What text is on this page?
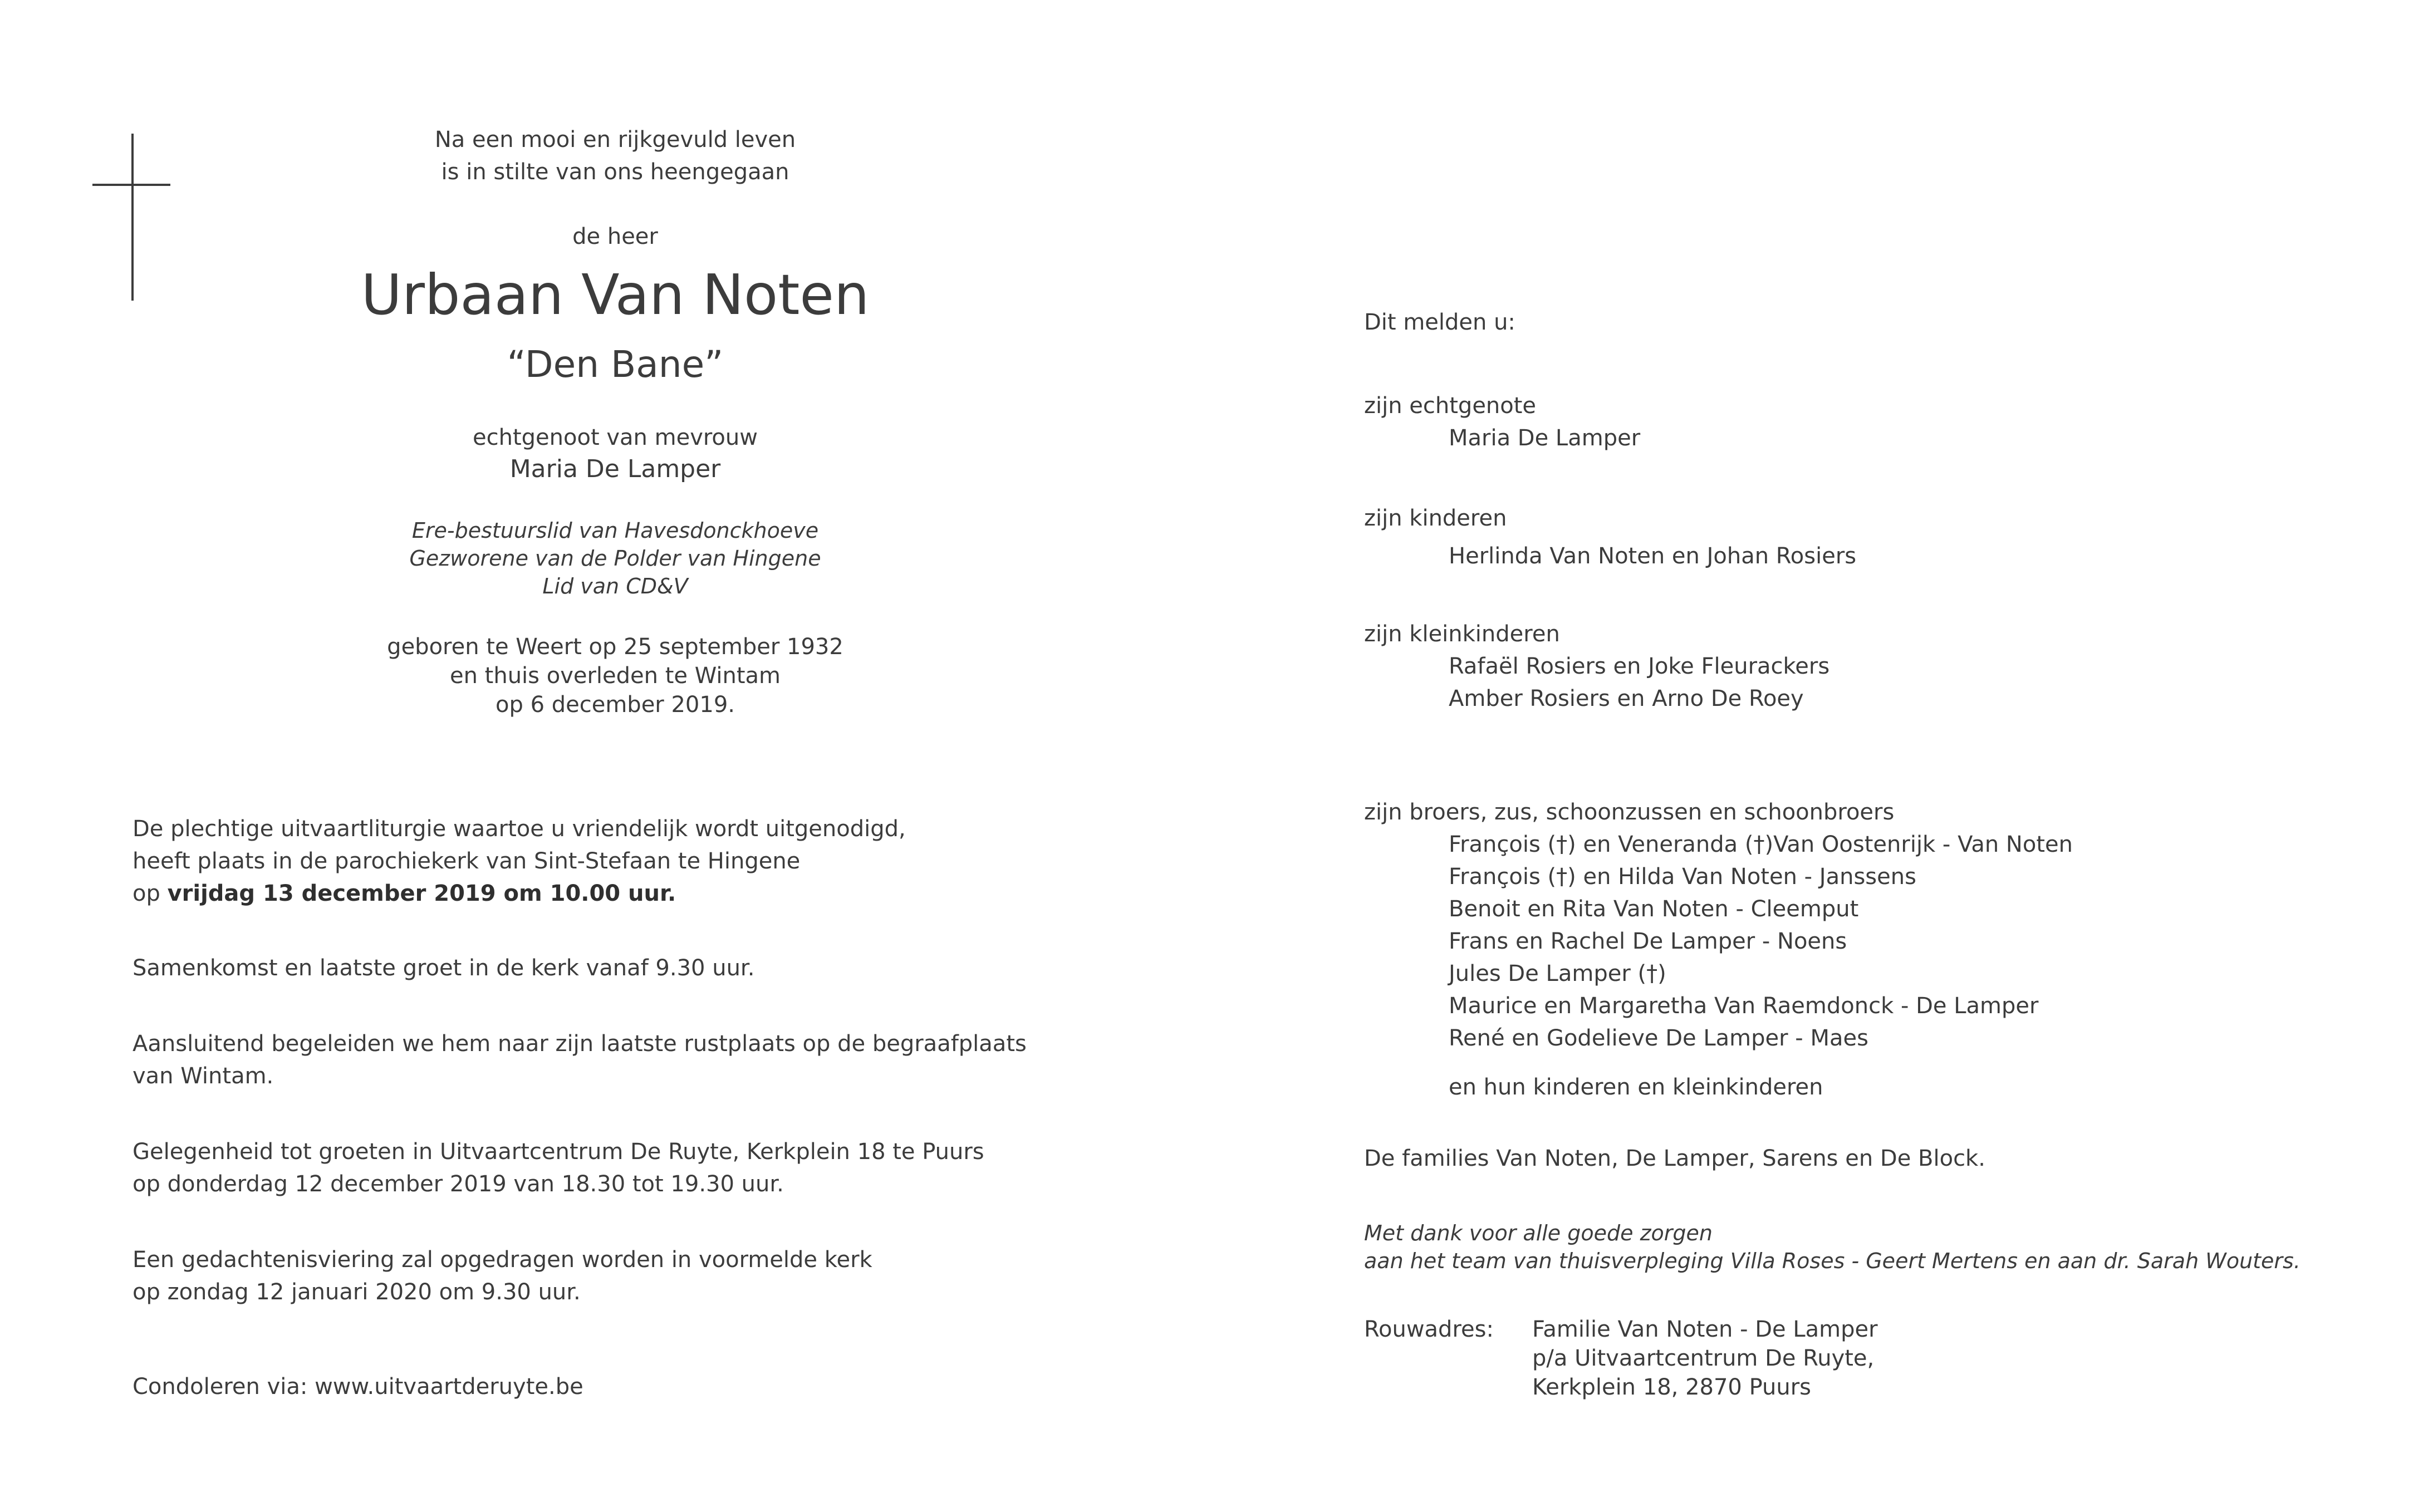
Na een mooi en rijkgevuld leven
is in stilte van ons heengegaan
de heer
Urbaan Van Noten
“Den Bane”
echtgenoot van mevrouw
Maria De Lamper
Ere-bestuurslid van Havesdonckhoeve
Gezworene van de Polder van Hingene
Lid van CD&V
geboren te Weert op 25 september 1932
en thuis overleden te Wintam
op 6 december 2019.
De plechtige uitvaartliturgie waartoe u vriendelijk wordt uitgenodigd,
heeft plaats in de parochiekerk van Sint-Stefaan te Hingene
op vrijdag 13 december 2019 om 10.00 uur.
Samenkomst en laatste groet in de kerk vanaf 9.30 uur.
Aansluitend begeleiden we hem naar zijn laatste rustplaats op de begraafplaats
van Wintam.
Gelegenheid tot groeten in Uitvaartcentrum De Ruyte, Kerkplein 18 te Puurs
op donderdag 12 december 2019 van 18.30 tot 19.30 uur.
Een gedachtenisviering zal opgedragen worden in voormelde kerk
op zondag 12 januari 2020 om 9.30 uur.
Condoleren via: www.uitvaartderuyte.be
Dit melden u:
zijn echtgenote
Maria De Lamper
zijn kinderen
Herlinda Van Noten en Johan Rosiers
zijn kleinkinderen
Rafaël Rosiers en Joke Fleurackers
Amber Rosiers en Arno De Roey
zijn broers, zus, schoonzussen en schoonbroers
François (†) en Veneranda (†)Van Oostenrijk - Van Noten
François (†) en Hilda Van Noten - Janssens
Benoit en Rita Van Noten - Cleemput
Frans en Rachel De Lamper - Noens
Jules De Lamper (†)
Maurice en Margaretha Van Raemdonck - De Lamper
René en Godelieve De Lamper - Maes
en hun kinderen en kleinkinderen
De families Van Noten, De Lamper, Sarens en De Block.
Met dank voor alle goede zorgen
aan het team van thuisverpleging Villa Roses - Geert Mertens en aan dr. Sarah Wouters.
Rouwadres: Familie Van Noten - De Lamper
p/a Uitvaartcentrum De Ruyte,
Kerkplein 18, 2870 Puurs
